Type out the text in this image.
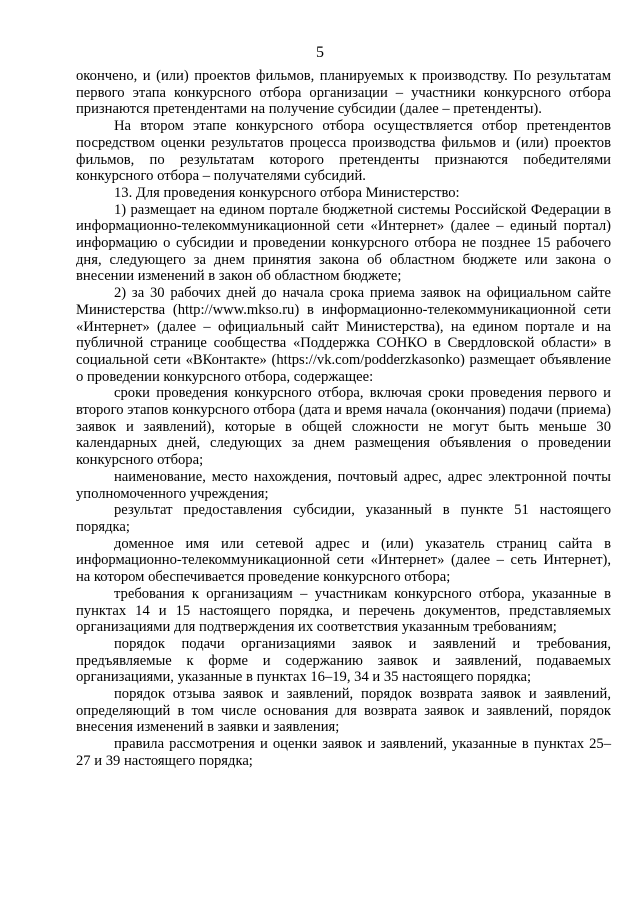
5

окончено, и (или) проектов фильмов, планируемых к производству. По результатам первого этапа конкурсного отбора организации – участники конкурсного отбора признаются претендентами на получение субсидии (далее – претенденты).

На втором этапе конкурсного отбора осуществляется отбор претендентов посредством оценки результатов процесса производства фильмов и (или) проектов фильмов, по результатам которого претенденты признаются победителями конкурсного отбора – получателями субсидий.

13. Для проведения конкурсного отбора Министерство:

1) размещает на едином портале бюджетной системы Российской Федерации в информационно-телекоммуникационной сети «Интернет» (далее – единый портал) информацию о субсидии и проведении конкурсного отбора не позднее 15 рабочего дня, следующего за днем принятия закона об областном бюджете или закона о внесении изменений в закон об областном бюджете;

2) за 30 рабочих дней до начала срока приема заявок на официальном сайте Министерства (http://www.mkso.ru) в информационно-телекоммуникационной сети «Интернет» (далее – официальный сайт Министерства), на едином портале и на публичной странице сообщества «Поддержка СОНКО в Свердловской области» в социальной сети «ВКонтакте» (https://vk.com/podderzkasonko) размещает объявление о проведении конкурсного отбора, содержащее:

сроки проведения конкурсного отбора, включая сроки проведения первого и второго этапов конкурсного отбора (дата и время начала (окончания) подачи (приема) заявок и заявлений), которые в общей сложности не могут быть меньше 30 календарных дней, следующих за днем размещения объявления о проведении конкурсного отбора;

наименование, место нахождения, почтовый адрес, адрес электронной почты уполномоченного учреждения;

результат предоставления субсидии, указанный в пункте 51 настоящего порядка;

доменное имя или сетевой адрес и (или) указатель страниц сайта в информационно-телекоммуникационной сети «Интернет» (далее – сеть Интернет), на котором обеспечивается проведение конкурсного отбора;

требования к организациям – участникам конкурсного отбора, указанные в пунктах 14 и 15 настоящего порядка, и перечень документов, представляемых организациями для подтверждения их соответствия указанным требованиям;

порядок подачи организациями заявок и заявлений и требования, предъявляемые к форме и содержанию заявок и заявлений, подаваемых организациями, указанные в пунктах 16–19, 34 и 35 настоящего порядка;

порядок отзыва заявок и заявлений, порядок возврата заявок и заявлений, определяющий в том числе основания для возврата заявок и заявлений, порядок внесения изменений в заявки и заявления;

правила рассмотрения и оценки заявок и заявлений, указанные в пунктах 25–27 и 39 настоящего порядка;
